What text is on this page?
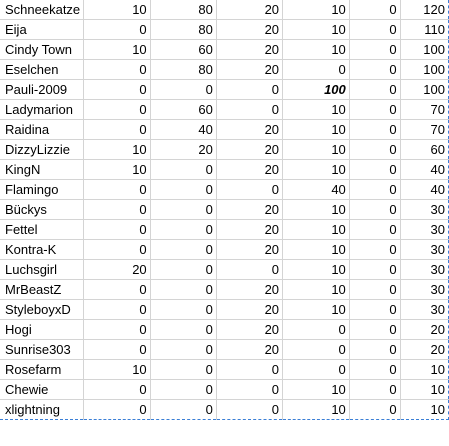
Schneekatze	10	80	20	10	0	120
Eija	0	80	20	10	0	110
Cindy Town	10	60	20	10	0	100
Eselchen	0	80	20	0	0	100
Pauli-2009	0	0	0	100	0	100
Ladymarion	0	60	0	10	0	70
Raidina	0	40	20	10	0	70
DizzyLizzie	10	20	20	10	0	60
KingN	10	0	20	10	0	40
Flamingo	0	0	0	40	0	40
Bückys	0	0	20	10	0	30
Fettel	0	0	20	10	0	30
Kontra-K	0	0	20	10	0	30
Luchsgirl	20	0	0	10	0	30
MrBeastZ	0	0	20	10	0	30
StyleboyxD	0	0	20	10	0	30
Hogi	0	0	20	0	0	20
Sunrise303	0	0	20	0	0	20
Rosefarm	10	0	0	0	0	10
Chewie	0	0	0	10	0	10
xlightning	0	0	0	10	0	10
